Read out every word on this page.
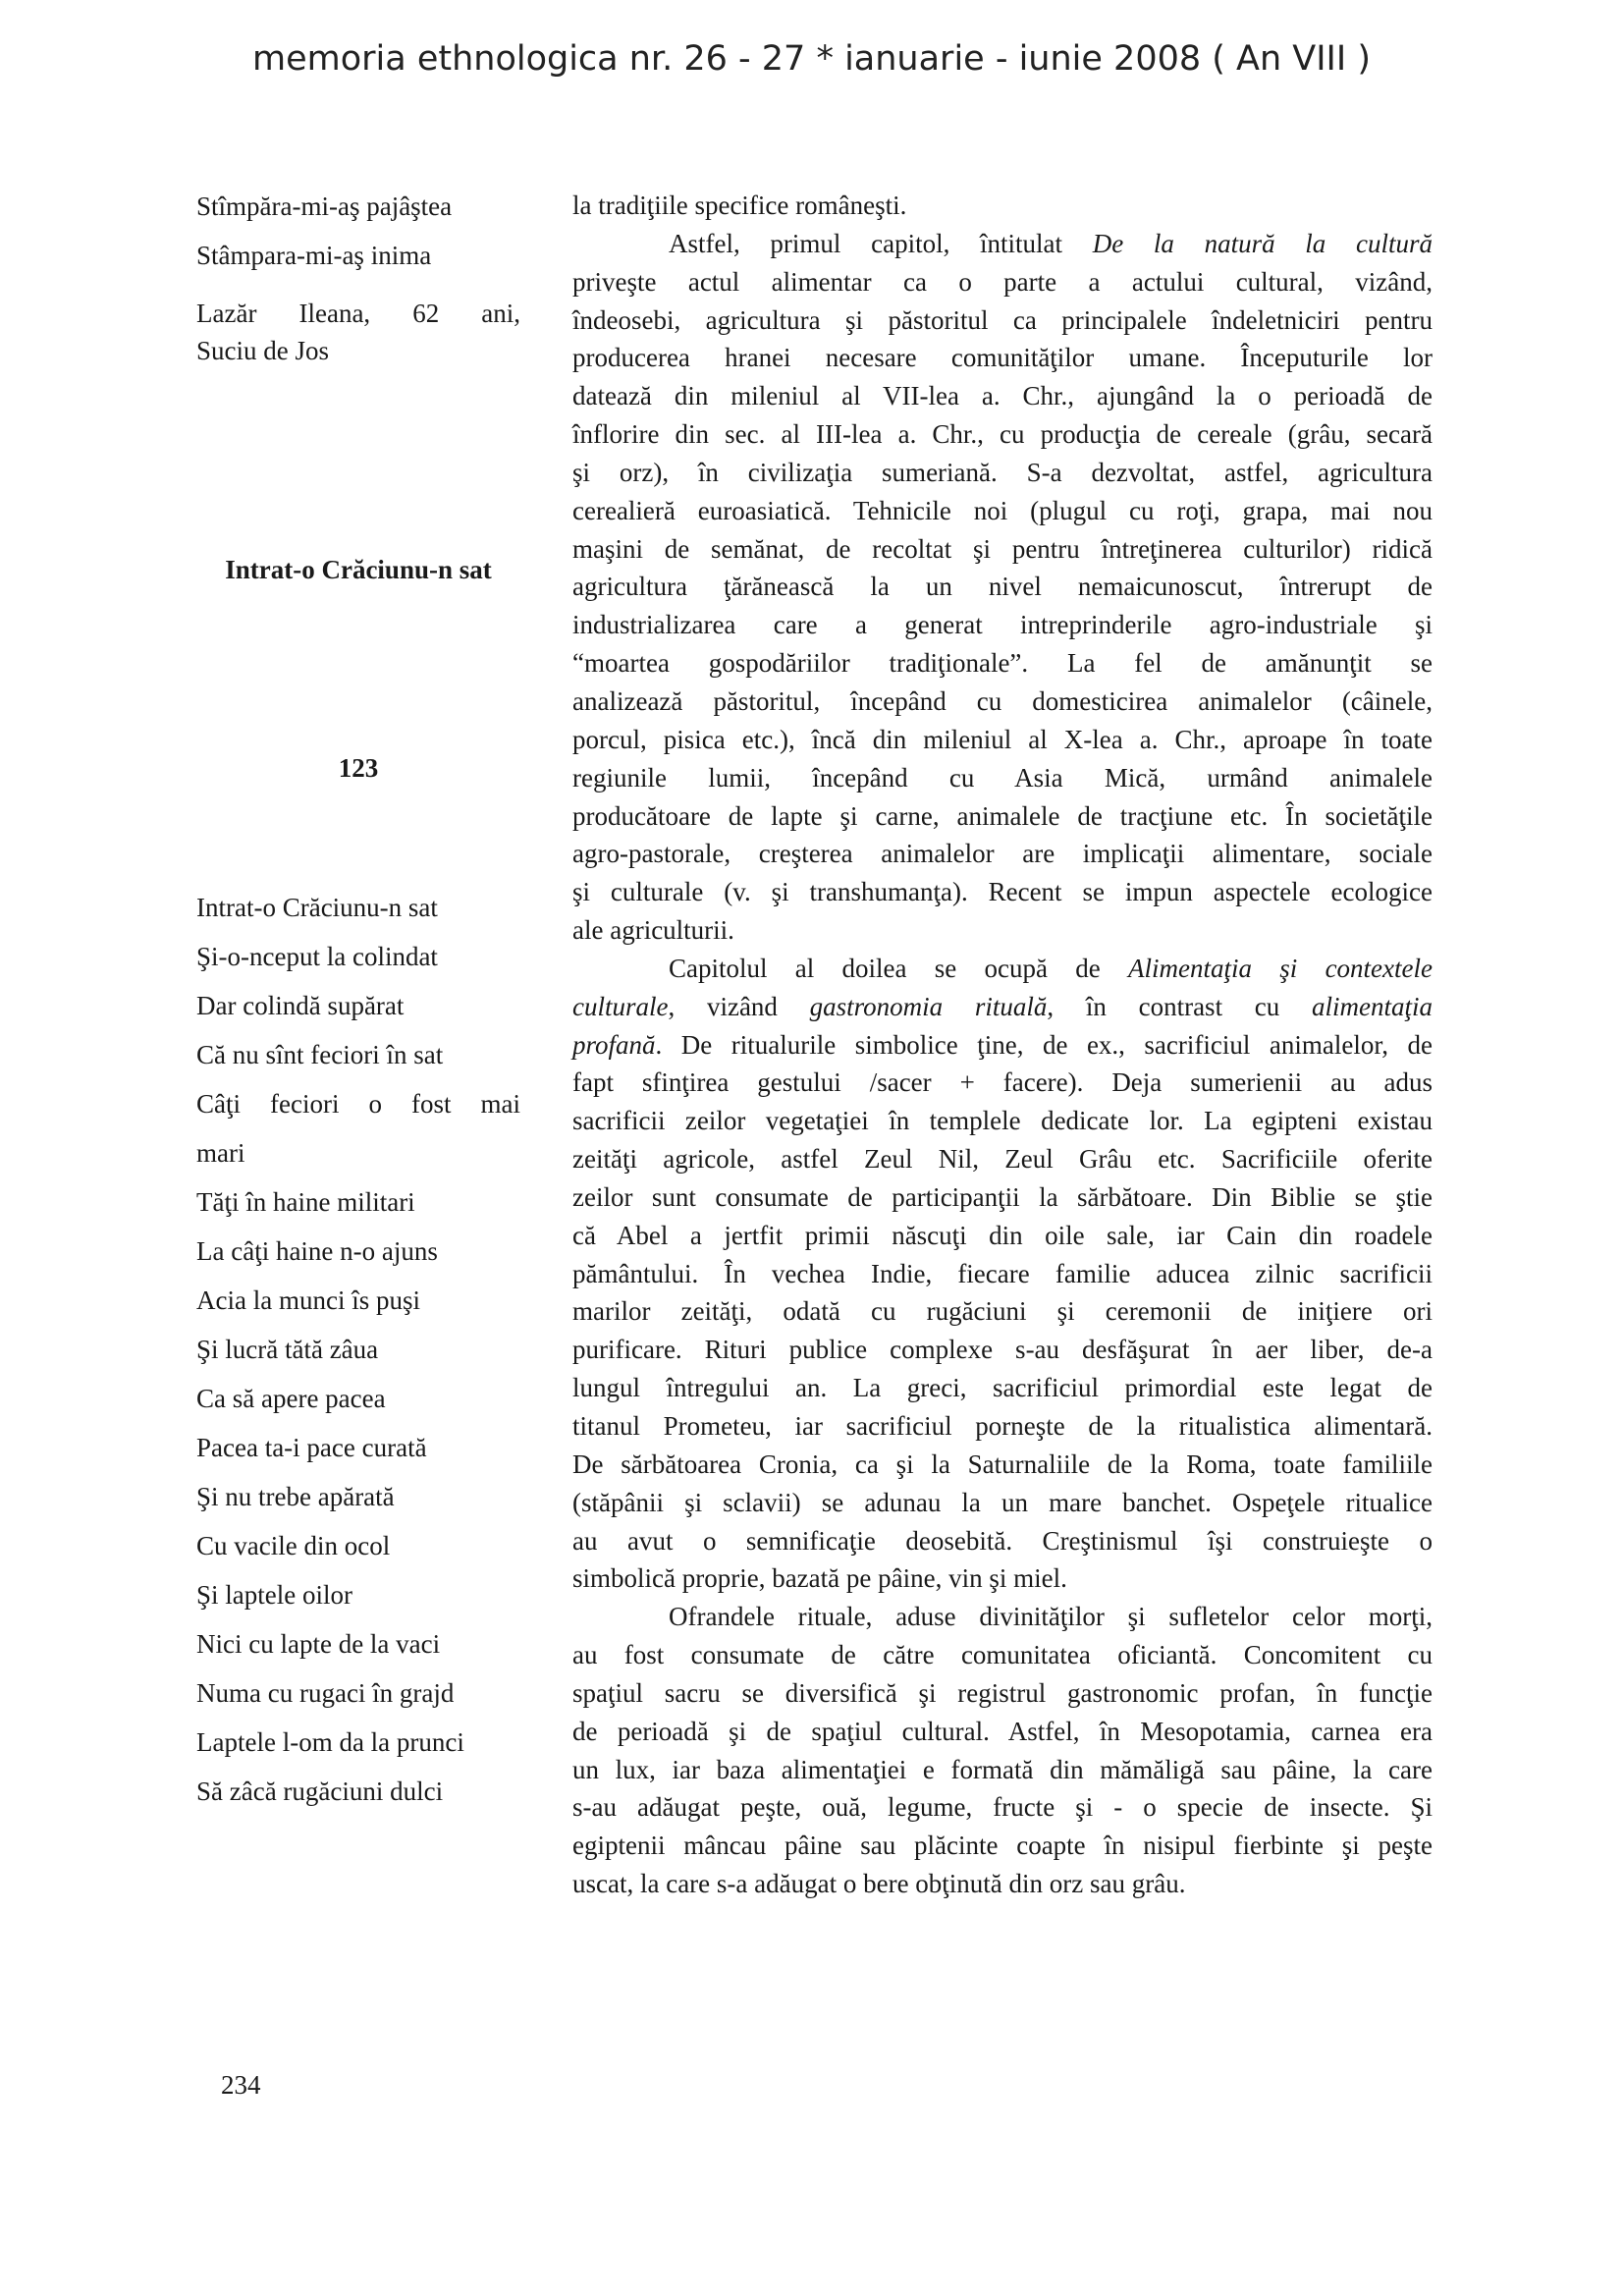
memoria ethnologica nr. 26 - 27 * ianuarie - iunie 2008 ( An VIII )
Stîmpăra-mi-aş pajâştea
Stâmpara-mi-aş inima
Lazăr Ileana, 62 ani,
Suciu de Jos
Intrat-o Crăciunu-n sat
123
Intrat-o Crăciunu-n sat
Şi-o-nceput la colindat
Dar colindă supărat
Că nu sînt feciori în sat
Câţi feciori o fost mai
mari
Tăţi în haine militari
La câţi haine n-o ajuns
Acia la munci îs puşi
Şi lucră tătă zâua
Ca să apere pacea
Pacea ta-i pace curată
Şi nu trebe apărată
Cu vacile din ocol
Şi laptele oilor
Nici cu lapte de la vaci
Numa cu rugaci în grajd
Laptele l-om da la prunci
Să zâcă rugăciuni dulci
la tradiţiile specifice româneşti.
Astfel, primul capitol, întitulat De la natură la cultură
priveşte actul alimentar ca o parte a actului cultural, vizând,
îndeosebi, agricultura şi păstoritul ca principalele îndeletniciri pentru
producerea hranei necesare comunităţilor umane. Începuturile lor
datează din mileniul al VII-lea a. Chr., ajungând la o perioadă de
înflorire din sec. al III-lea a. Chr., cu producţia de cereale (grâu, secară
şi orz), în civilizaţia sumeriană. S-a dezvoltat, astfel, agricultura
cerealieră euroasiatică. Tehnicile noi (plugul cu roţi, grapa, mai nou
maşini de semănat, de recoltat şi pentru întreţinerea culturilor) ridică
agricultura ţărănească la un nivel nemaicunoscut, întrerupt de
industrializarea care a generat intreprinderile agro-industriale şi
“moartea gospodăriilor tradiţionale”. La fel de amănunţit se
analizează păstoritul, începând cu domesticirea animalelor (câinele,
porcul, pisica etc.), încă din mileniul al X-lea a. Chr., aproape în toate
regiunile lumii, începând cu Asia Mică, urmând animalele
producătoare de lapte şi carne, animalele de tracţiune etc. În societăţile
agro-pastorale, creşterea animalelor are implicaţii alimentare, sociale
şi culturale (v. şi transhumanţa). Recent se impun aspectele ecologice
ale agriculturii.
Capitolul al doilea se ocupă de Alimentaţia şi contextele
culturale, vizând gastronomia rituală, în contrast cu alimentaţia
profană. De ritualurile simbolice ţine, de ex., sacrificiul animalelor, de
fapt sfinţirea gestului /sacer + facere). Deja sumerienii au adus
sacrificii zeilor vegetaţiei în templele dedicate lor. La egipteni existau
zeităţi agricole, astfel Zeul Nil, Zeul Grâu etc. Sacrificiile oferite
zeilor sunt consumate de participanţii la sărbătoare. Din Biblie se ştie
că Abel a jertfit primii născuţi din oile sale, iar Cain din roadele
pământului. În vechea Indie, fiecare familie aducea zilnic sacrificii
marilor zeităţi, odată cu rugăciuni şi ceremonii de iniţiere ori
purificare. Rituri publice complexe s-au desfăşurat în aer liber, de-a
lungul întregului an. La greci, sacrificiul primordial este legat de
titanul Prometeu, iar sacrificiul porneşte de la ritualistica alimentară.
De sărbătoarea Cronia, ca şi la Saturnaliile de la Roma, toate familiile
(stăpânii şi sclavii) se adunau la un mare banchet. Ospeţele ritualice
au avut o semnificaţie deosebită. Creştinismul îşi construieşte o
simbolică proprie, bazată pe pâine, vin şi miel.
Ofrandele rituale, aduse divinităţilor şi sufletelor celor morţi,
au fost consumate de către comunitatea oficiantă. Concomitent cu
spaţiul sacru se diversifică şi registrul gastronomic profan, în funcţie
de perioadă şi de spaţiul cultural. Astfel, în Mesopotamia, carnea era
un lux, iar baza alimentaţiei e formată din mămăligă sau pâine, la care
s-au adăugat peşte, ouă, legume, fructe şi - o specie de insecte. Şi
egiptenii mâncau pâine sau plăcinte coapte în nisipul fierbinte şi peşte
uscat, la care s-a adăugat o bere obţinută din orz sau grâu.
234
